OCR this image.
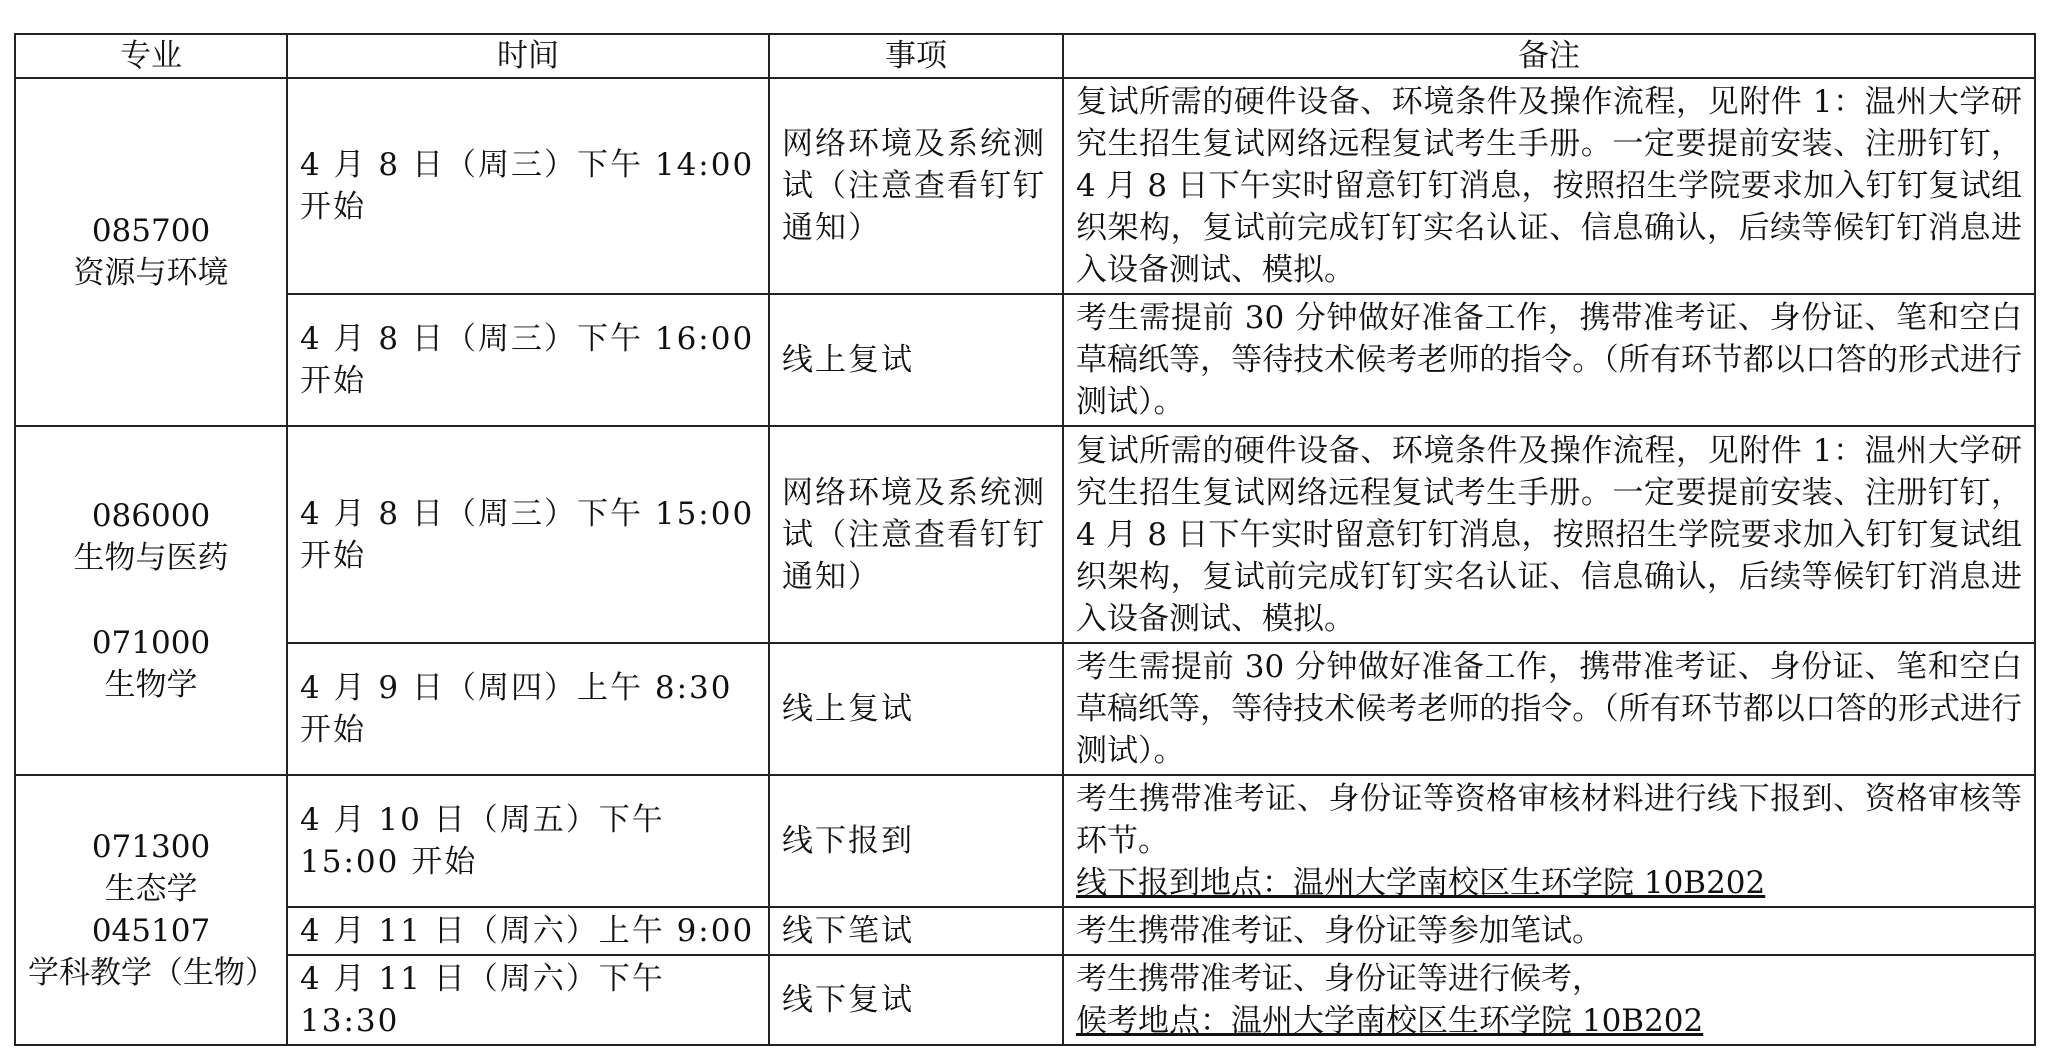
专业	时间	事项	备注

085700
资源与环境	4 月 8 日（周三）下午 14:00 开始	网络环境及系统测试（注意查看钉钉通知）	复试所需的硬件设备、环境条件及操作流程，见附件 1：温州大学研究生招生复试网络远程复试考生手册。一定要提前安装、注册钉钉，4 月 8 日下午实时留意钉钉消息，按照招生学院要求加入钉钉复试组织架构，复试前完成钉钉实名认证、信息确认，后续等候钉钉消息进入设备测试、模拟。
	4 月 8 日（周三）下午 16:00 开始	线上复试	考生需提前 30 分钟做好准备工作，携带准考证、身份证、笔和空白草稿纸等，等待技术候考老师的指令。（所有环节都以口答的形式进行测试）。

086000
生物与医药
071000
生物学	4 月 8 日（周三）下午 15:00 开始	网络环境及系统测试（注意查看钉钉通知）	复试所需的硬件设备、环境条件及操作流程，见附件 1：温州大学研究生招生复试网络远程复试考生手册。一定要提前安装、注册钉钉，4 月 8 日下午实时留意钉钉消息，按照招生学院要求加入钉钉复试组织架构，复试前完成钉钉实名认证、信息确认，后续等候钉钉消息进入设备测试、模拟。
	4 月 9 日（周四）上午 8:30 开始	线上复试	考生需提前 30 分钟做好准备工作，携带准考证、身份证、笔和空白草稿纸等，等待技术候考老师的指令。（所有环节都以口答的形式进行测试）。

071300
生态学
045107
学科教学（生物）	4 月 10 日（周五）下午 15:00 开始	线下报到	考生携带准考证、身份证等资格审核材料进行线下报到、资格审核等环节。
线下报到地点：温州大学南校区生环学院 10B202

	4 月 11 日（周六）上午 9:00	线下笔试	考生携带准考证、身份证等参加笔试。
	4 月 11 日（周六）下午 13:30	线下复试	考生携带准考证、身份证等进行候考，
候考地点：温州大学南校区生环学院 10B202
